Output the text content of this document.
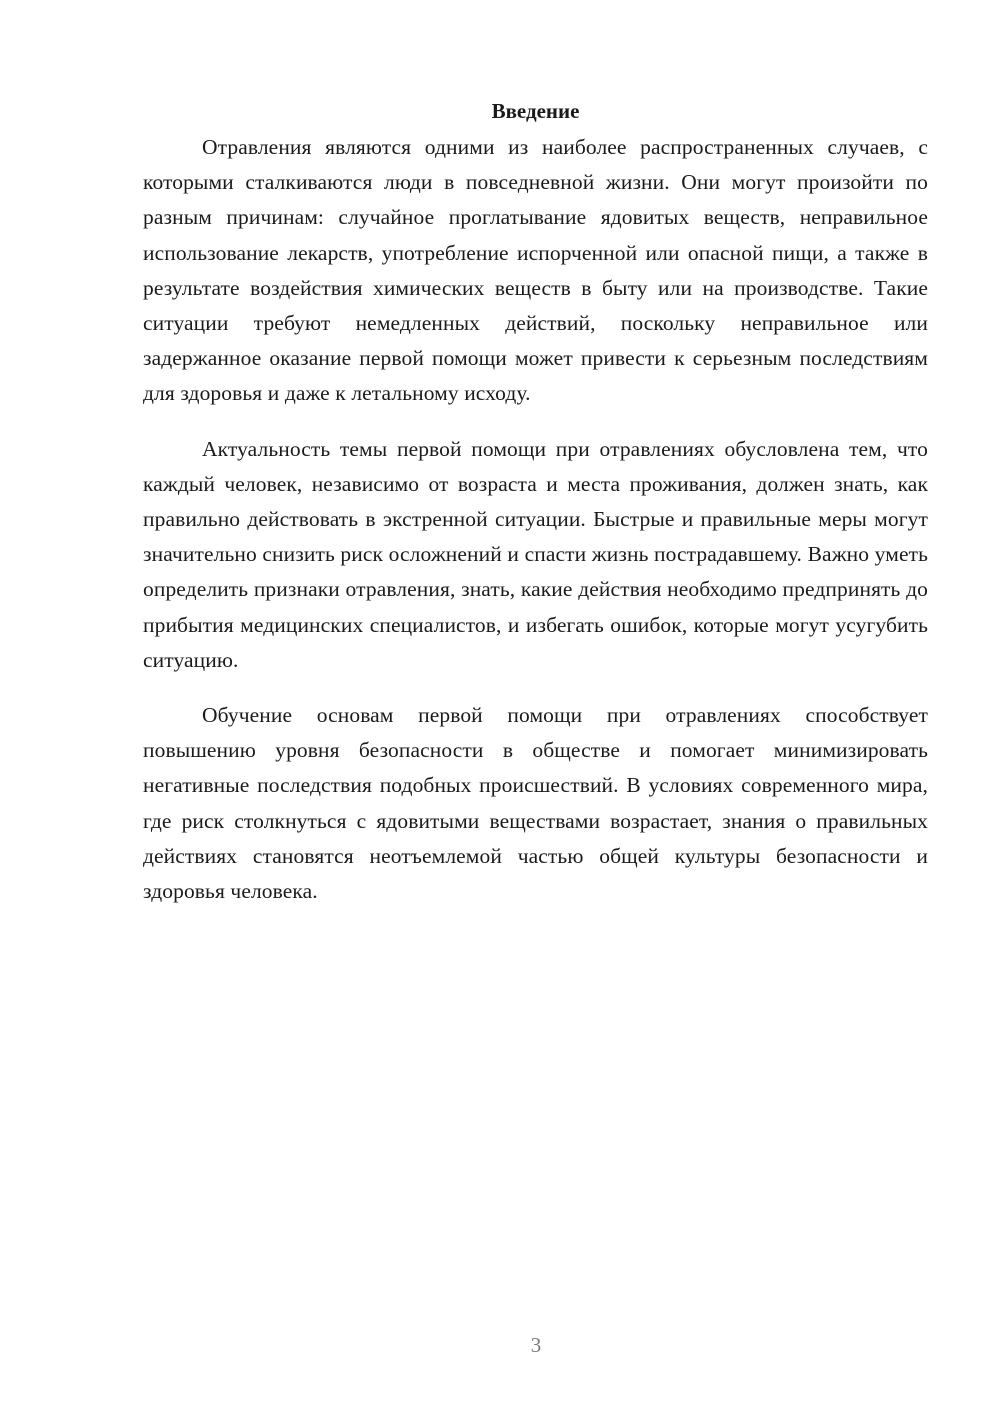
Введение

Отравления являются одними из наиболее распространенных случаев, с которыми сталкиваются люди в повседневной жизни. Они могут произойти по разным причинам: случайное проглатывание ядовитых веществ, неправильное использование лекарств, употребление испорченной или опасной пищи, а также в результате воздействия химических веществ в быту или на производстве. Такие ситуации требуют немедленных действий, поскольку неправильное или задержанное оказание первой помощи может привести к серьезным последствиям для здоровья и даже к летальному исходу.

Актуальность темы первой помощи при отравлениях обусловлена тем, что каждый человек, независимо от возраста и места проживания, должен знать, как правильно действовать в экстренной ситуации. Быстрые и правильные меры могут значительно снизить риск осложнений и спасти жизнь пострадавшему. Важно уметь определить признаки отравления, знать, какие действия необходимо предпринять до прибытия медицинских специалистов, и избегать ошибок, которые могут усугубить ситуацию.

Обучение основам первой помощи при отравлениях способствует повышению уровня безопасности в обществе и помогает минимизировать негативные последствия подобных происшествий. В условиях современного мира, где риск столкнуться с ядовитыми веществами возрастает, знания о правильных действиях становятся неотъемлемой частью общей культуры безопасности и здоровья человека.

3
